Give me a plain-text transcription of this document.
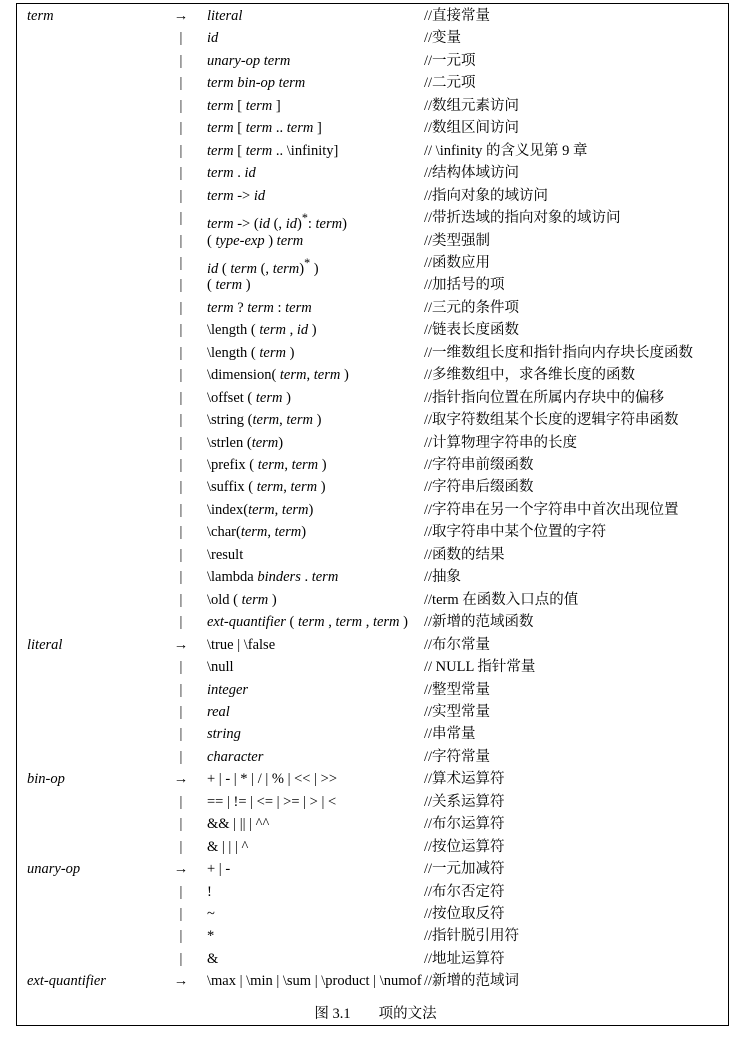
term	→ literal	//直接常量
|	id	//变量
|	unary-op term	//一元项
|	term bin-op term	//二元项
|	term [ term ]	//数组元素访问
|	term [ term .. term ]	//数组区间访问
|	term [ term .. \infinity]	// \infinity 的含义见第 9 章
|	term . id	//结构体域访问
|	term -> id	//指向对象的域访问
|	term -> (id (, id)*: term)	//带折迭域的指向对象的域访问
|	( type-exp ) term	//类型强制
|	id ( term (, term)* )	//函数应用
|	( term )	//加括号的项
|	term ? term : term	//三元的条件项
|	\length ( term , id )	//链表长度函数
|	\length ( term )	//一维数组长度和指针指向内存块长度函数
|	\dimension( term, term )	//多维数组中，求各维长度的函数
|	\offset ( term )	//指针指向位置在所属内存块中的偏移
|	\string (term, term )	//取字符数组某个长度的逻辑字符串函数
|	\strlen (term)	//计算物理字符串的长度
|	\prefix ( term, term )	//字符串前缀函数
|	\suffix ( term, term )	//字符串后缀函数
|	\index(term, term)	//字符串在另一个字符串中首次出现位置
|	\char(term, term)	//取字符串中某个位置的字符
|	\result	//函数的结果
|	\lambda binders . term	//抽象
|	\old ( term )	//term 在函数入口点的值
|	ext-quantifier ( term , term , term ) //新增的范域函数
literal	→ \true | \false	//布尔常量
|	\null	// NULL 指针常量
|	integer	//整型常量
|	real	//实型常量
|	string	//串常量
|	character	//字符常量
bin-op	→ + | - | * | / | % | << | >>	//算术运算符
|	== | != | <= | >= | > | <	//关系运算符
|	&& | || | ^^	//布尔运算符
|	& | | | ^	//按位运算符
unary-op	→ + | -	//一元加减符
|	!	//布尔否定符
|	~	//按位取反符
|	*	//指针脱引用符
|	&	//地址运算符
ext-quantifier	→ \max | \min | \sum | \product | \numof //新增的范域词
图 3.1 项的文法
